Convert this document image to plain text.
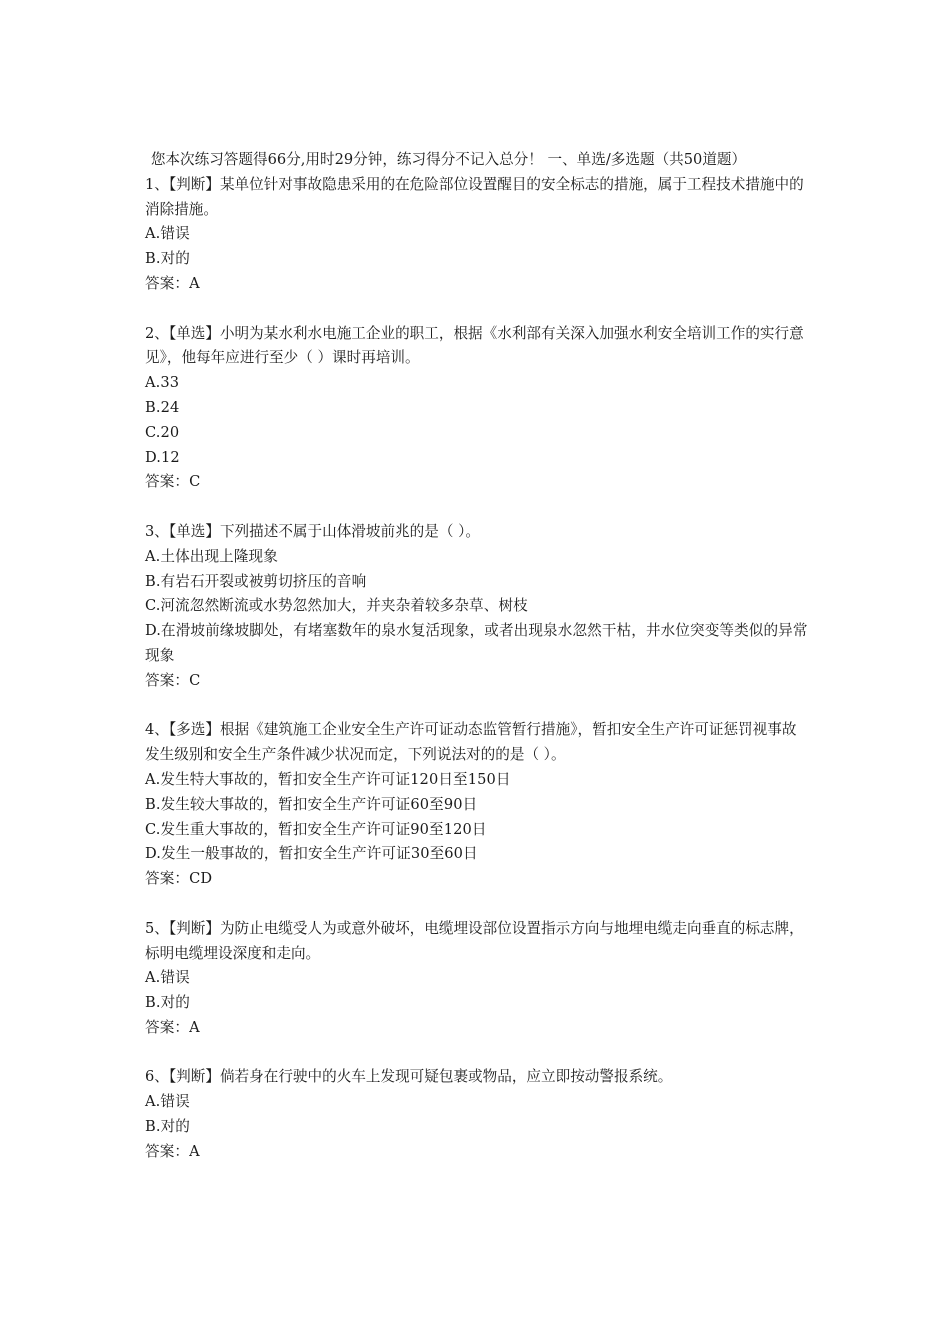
您本次练习答题得66分,用时29分钟，练习得分不记入总分！ 一、单选/多选题（共50道题）

1、【判断】某单位针对事故隐患采用的在危险部位设置醒目的安全标志的措施，属于工程技术措施中的消除措施。

A.错误

B.对的

答案：A

2、【单选】小明为某水利水电施工企业的职工，根据《水利部有关深入加强水利安全培训工作的实行意见》，他每年应进行至少（ ）课时再培训。

A.33

B.24

C.20

D.12

答案：C

3、【单选】下列描述不属于山体滑坡前兆的是（ ）。

A.土体出现上隆现象

B.有岩石开裂或被剪切挤压的音响

C.河流忽然断流或水势忽然加大，并夹杂着较多杂草、树枝

D.在滑坡前缘坡脚处，有堵塞数年的泉水复活现象，或者出现泉水忽然干枯，井水位突变等类似的异常现象

答案：C

4、【多选】根据《建筑施工企业安全生产许可证动态监管暂行措施》，暂扣安全生产许可证惩罚视事故发生级别和安全生产条件减少状况而定，下列说法对的的是（ ）。

A.发生特大事故的，暂扣安全生产许可证120日至150日

B.发生较大事故的，暂扣安全生产许可证60至90日

C.发生重大事故的，暂扣安全生产许可证90至120日

D.发生一般事故的，暂扣安全生产许可证30至60日

答案：CD

5、【判断】为防止电缆受人为或意外破坏，电缆埋设部位设置指示方向与地埋电缆走向垂直的标志牌，标明电缆埋设深度和走向。

A.错误

B.对的

答案：A

6、【判断】倘若身在行驶中的火车上发现可疑包裹或物品，应立即按动警报系统。

A.错误

B.对的

答案：A
